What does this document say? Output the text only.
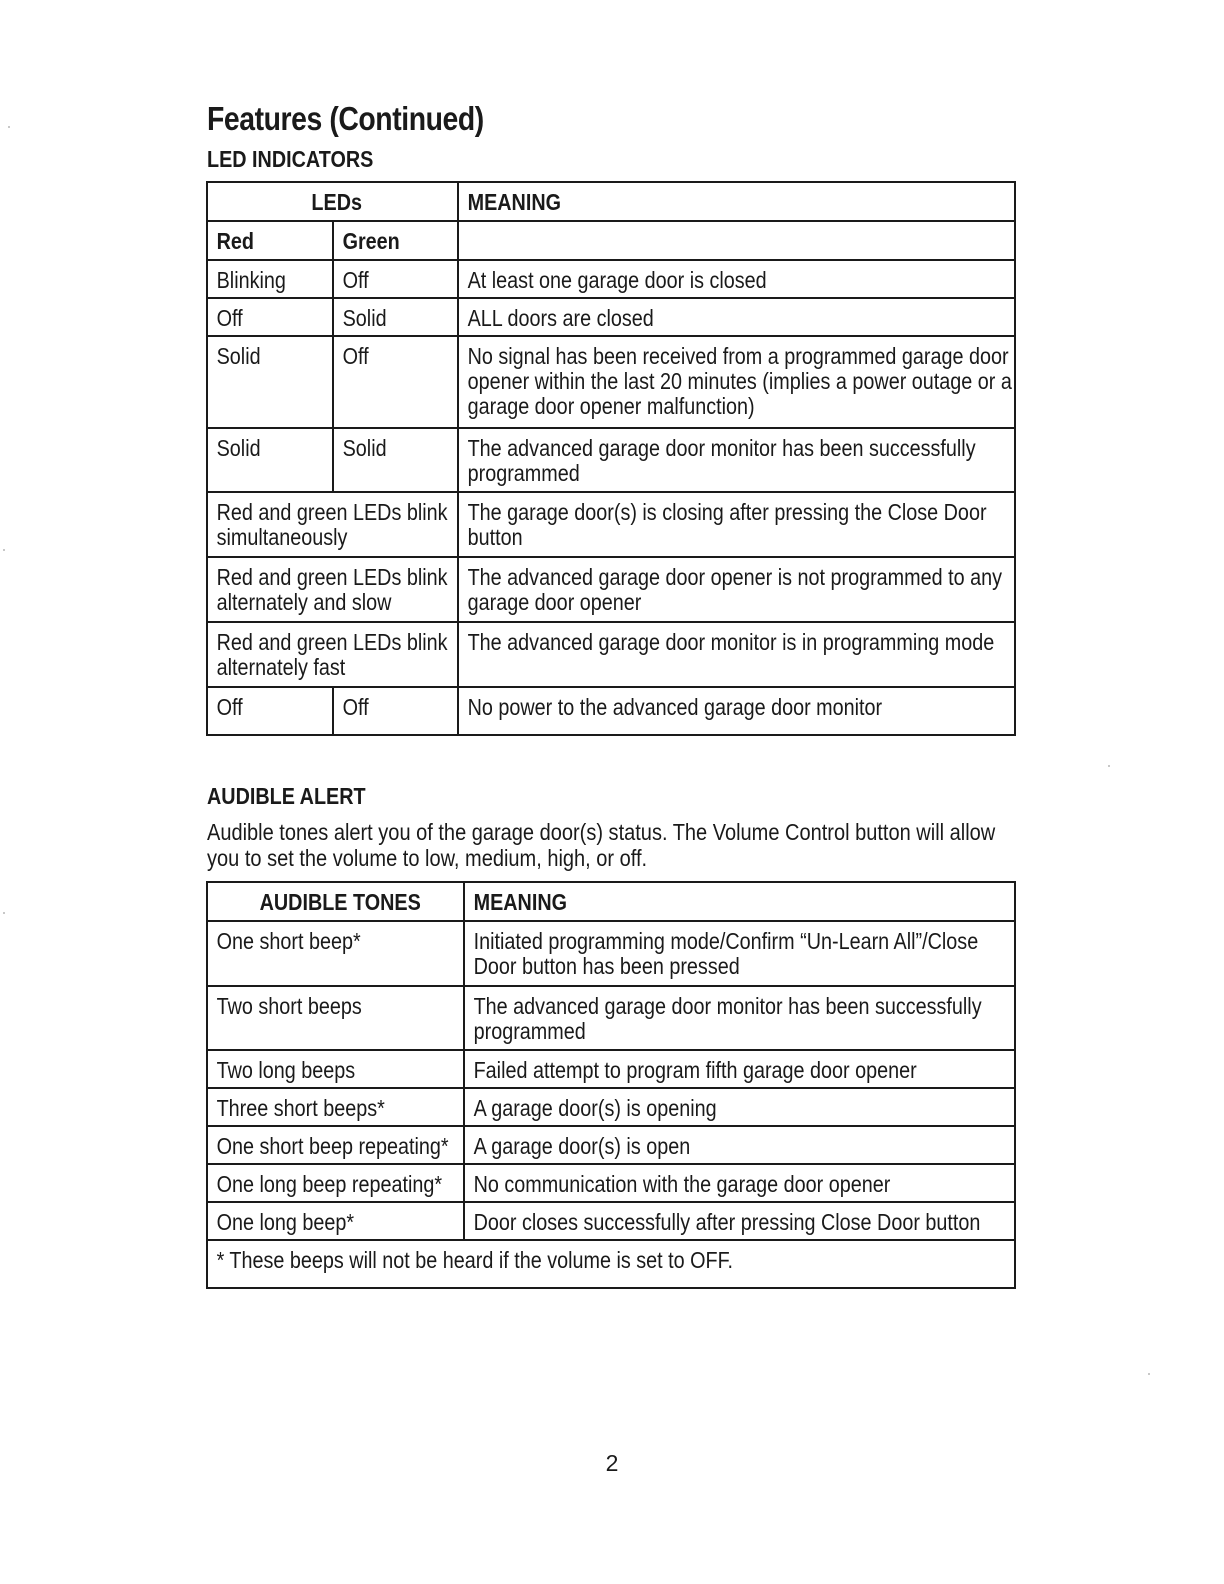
Features (Continued)
LED INDICATORS
LEDs		MEANING

Red	Green	

Blinking	Off	At least one garage door is closed

Off	Solid	ALL doors are closed

Solid	Off	No signal has been received from a programmed garage door opener within the last 20 minutes (implies a power outage or a garage door opener malfunction)

Solid	Solid	The advanced garage door monitor has been successfully programmed

Red and green LEDs blink simultaneously		The garage door(s) is closing after pressing the Close Door button

Red and green LEDs blink alternately and slow		The advanced garage door opener is not programmed to any garage door opener

Red and green LEDs blink alternately fast		The advanced garage door monitor is in programming mode

Off	Off	No power to the advanced garage door monitor
AUDIBLE ALERT

Audible tones alert you of the garage door(s) status. The Volume Control button will allow you to set the volume to low, medium, high, or off.

AUDIBLE TONES	MEANING

One short beep*	Initiated programming mode/Confirm “Un-Learn All”/Close Door button has been pressed

Two short beeps	The advanced garage door monitor has been successfully programmed

Two long beeps	Failed attempt to program fifth garage door opener

Three short beeps*	A garage door(s) is opening

One short beep repeating*	A garage door(s) is open

One long beep repeating*	No communication with the garage door opener

One long beep*	Door closes successfully after pressing Close Door button

* These beeps will not be heard if the volume is set to OFF.	
2
